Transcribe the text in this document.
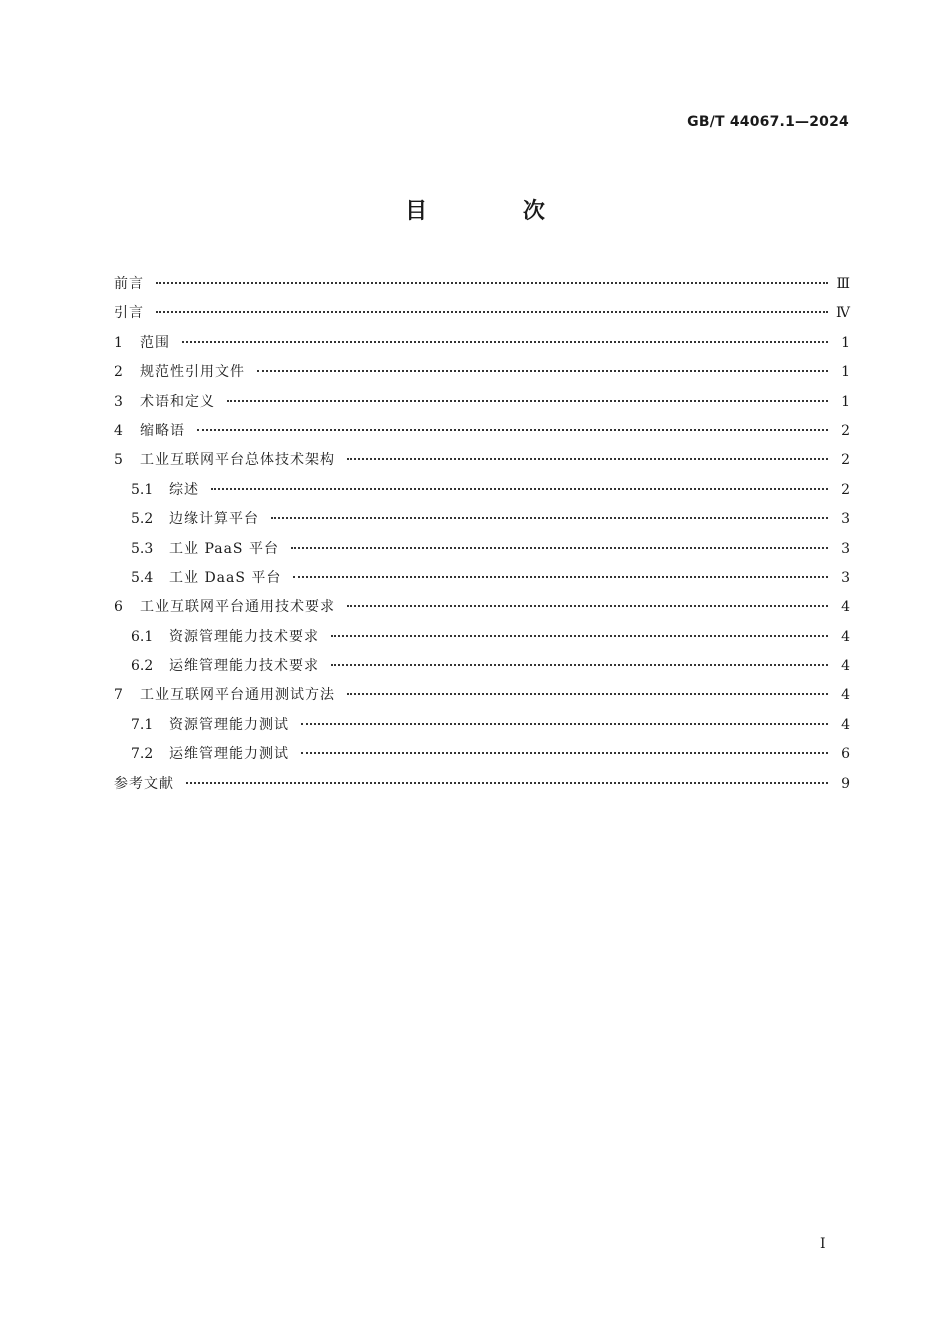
GB/T 44067.1—2024
目 次
前言	Ⅲ
引言	Ⅳ
1	范围	1
2	规范性引用文件	1
3	术语和定义	1
4	缩略语	2
5	工业互联网平台总体技术架构	2
5.1	综述	2
5.2	边缘计算平台	3
5.3	工业 PaaS 平台	3
5.4	工业 DaaS 平台	3
6	工业互联网平台通用技术要求	4
6.1	资源管理能力技术要求	4
6.2	运维管理能力技术要求	4
7	工业互联网平台通用测试方法	4
7.1	资源管理能力测试	4
7.2	运维管理能力测试	6
参考文献	9
Ⅰ
